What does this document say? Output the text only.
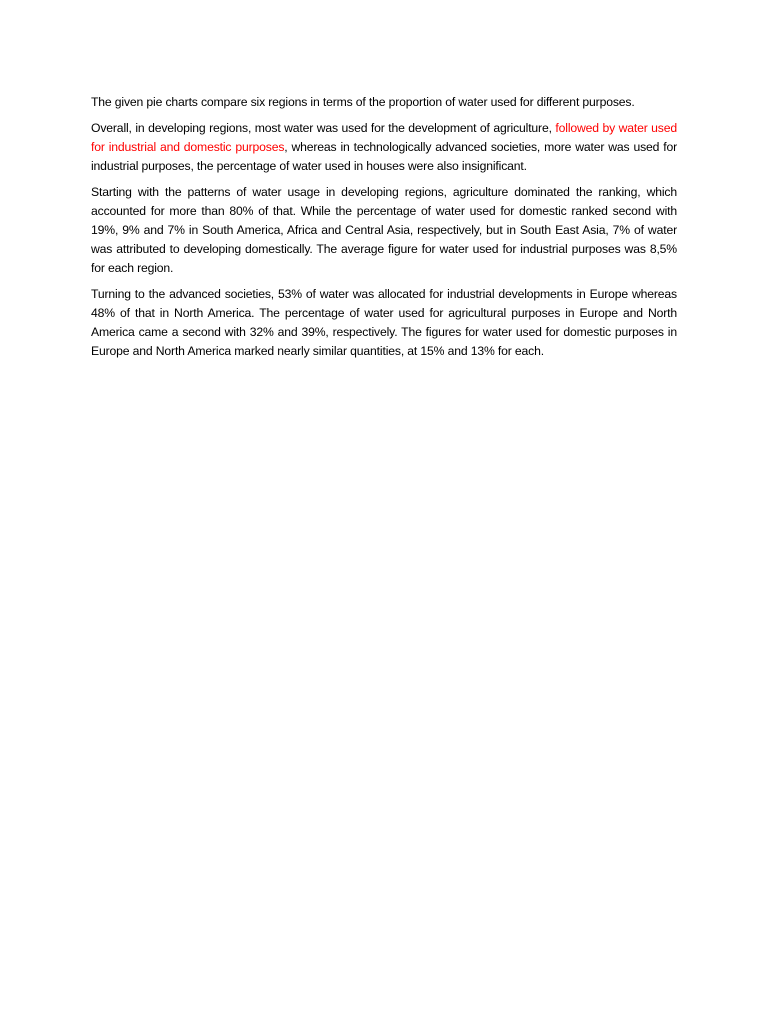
The given pie charts compare six regions in terms of the proportion of water used for different purposes.

Overall, in developing regions, most water was used for the development of agriculture, followed by water used for industrial and domestic purposes, whereas in technologically advanced societies, more water was used for industrial purposes, the percentage of water used in houses were also insignificant.

Starting with the patterns of water usage in developing regions, agriculture dominated the ranking, which accounted for more than 80% of that. While the percentage of water used for domestic ranked second with 19%, 9% and 7% in South America, Africa and Central Asia, respectively, but in South East Asia, 7% of water was attributed to developing domestically. The average figure for water used for industrial purposes was 8,5% for each region.

Turning to the advanced societies, 53% of water was allocated for industrial developments in Europe whereas 48% of that in North America. The percentage of water used for agricultural purposes in Europe and North America came a second with 32% and 39%, respectively. The figures for water used for domestic purposes in Europe and North America marked nearly similar quantities, at 15% and 13% for each.
